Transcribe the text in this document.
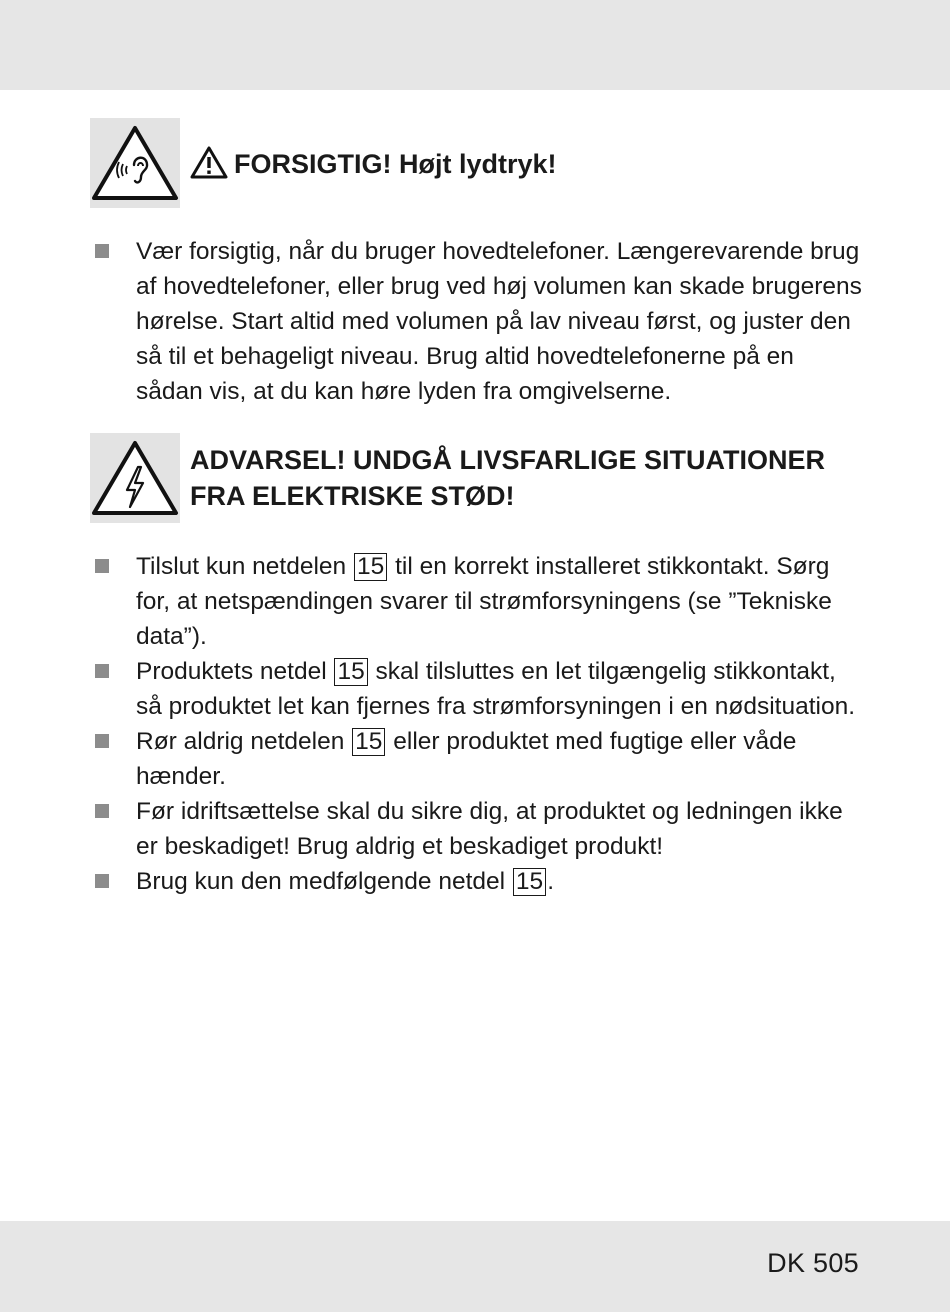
FORSIGTIG! Højt lydtryk!
Vær forsigtig, når du bruger hovedtelefoner. Længerevarende brug af hovedtelefoner, eller brug ved høj volumen kan skade brugerens hørelse. Start altid med volumen på lav niveau først, og juster den så til et behageligt niveau. Brug altid hovedtelefonerne på en sådan vis, at du kan høre lyden fra omgivelserne.
ADVARSEL! UNDGÅ LIVSFARLIGE SITUATIONER
FRA ELEKTRISKE STØD!
Tilslut kun netdelen 15 til en korrekt installeret stikkontakt. Sørg for, at netspændingen svarer til strømforsyningens (se ”Tekniske data”).
Produktets netdel 15 skal tilsluttes en let tilgængelig stikkontakt, så produktet let kan fjernes fra strømforsyningen i en nødsituation.
Rør aldrig netdelen 15 eller produktet med fugtige eller våde hænder.
Før idriftsættelse skal du sikre dig, at produktet og ledningen ikke er beskadiget! Brug aldrig et beskadiget produkt!
Brug kun den medfølgende netdel 15 .
DK 505
